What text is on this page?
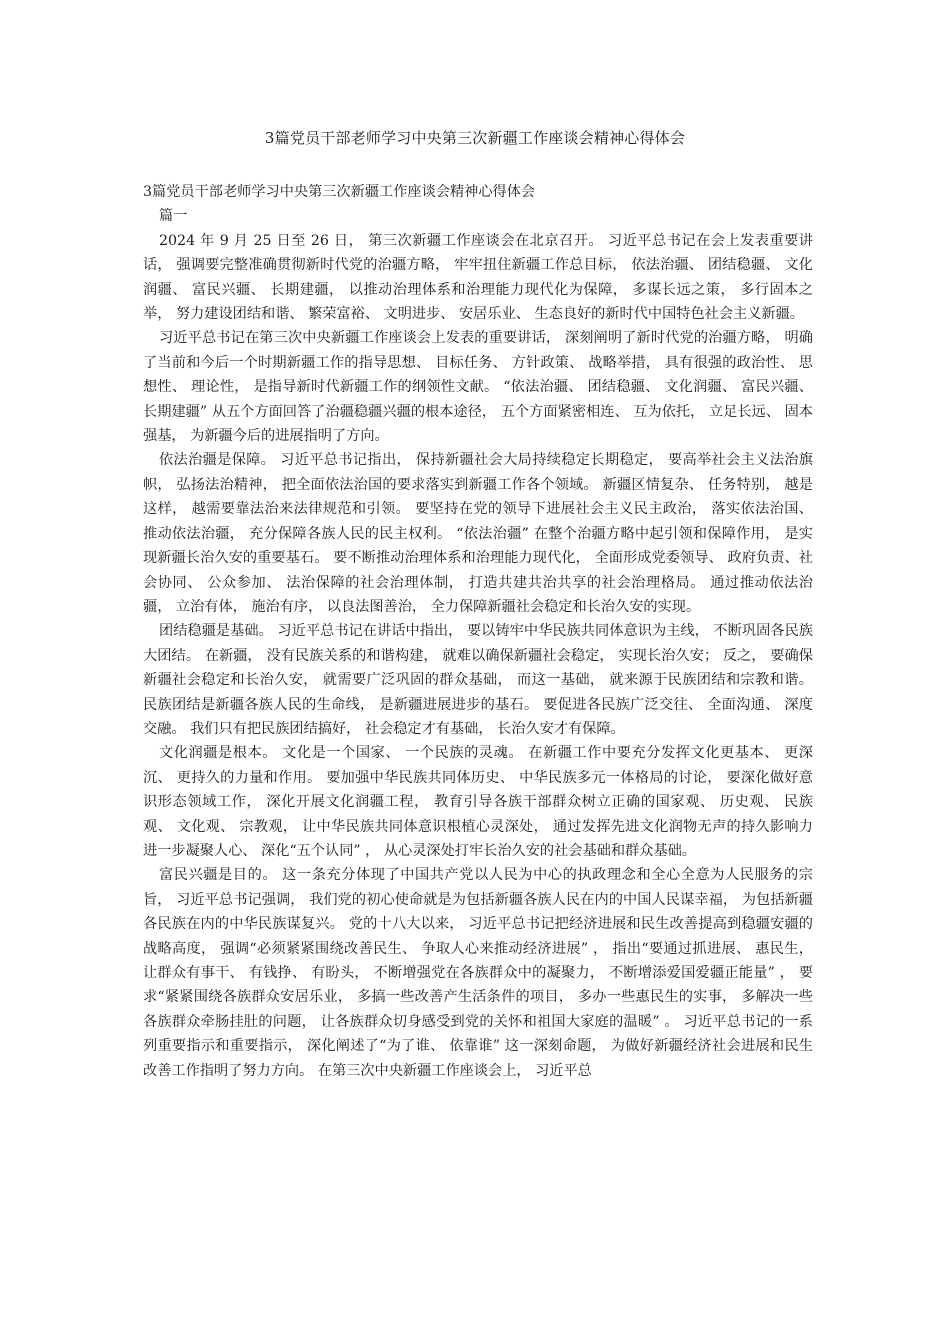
3篇党员干部老师学习中央第三次新疆工作座谈会精神心得体会

3篇党员干部老师学习中央第三次新疆工作座谈会精神心得体会

篇一

2024 年 9 月 25 日至 26 日， 第三次新疆工作座谈会在北京召开。 习近平总书记在会上发表重要讲话， 强调要完整准确贯彻新时代党的治疆方略， 牢牢扭住新疆工作总目标， 依法治疆、 团结稳疆、 文化润疆、 富民兴疆、 长期建疆， 以推动治理体系和治理能力现代化为保障， 多谋长远之策， 多行固本之举， 努力建设团结和谐、 繁荣富裕、 文明进步、 安居乐业、 生态良好的新时代中国特色社会主义新疆。

习近平总书记在第三次中央新疆工作座谈会上发表的重要讲话， 深刻阐明了新时代党的治疆方略， 明确了当前和今后一个时期新疆工作的指导思想、 目标任务、 方针政策、 战略举措， 具有很强的政治性、 思想性、 理论性， 是指导新时代新疆工作的纲领性文献。 “依法治疆、 团结稳疆、 文化润疆、 富民兴疆、 长期建疆” 从五个方面回答了治疆稳疆兴疆的根本途径， 五个方面紧密相连、 互为依托， 立足长远、 固本强基， 为新疆今后的进展指明了方向。

依法治疆是保障。 习近平总书记指出， 保持新疆社会大局持续稳定长期稳定， 要高举社会主义法治旗帜， 弘扬法治精神， 把全面依法治国的要求落实到新疆工作各个领域。 新疆区情复杂、 任务特别， 越是这样， 越需要靠法治来法律规范和引领。 要坚持在党的领导下进展社会主义民主政治， 落实依法治国、 推动依法治疆， 充分保障各族人民的民主权利。 “依法治疆” 在整个治疆方略中起引领和保障作用， 是实现新疆长治久安的重要基石。 要不断推动治理体系和治理能力现代化， 全面形成党委领导、 政府负责、社会协同、 公众参加、 法治保障的社会治理体制， 打造共建共治共享的社会治理格局。 通过推动依法治疆， 立治有体， 施治有序， 以良法图善治， 全力保障新疆社会稳定和长治久安的实现。

团结稳疆是基础。 习近平总书记在讲话中指出， 要以铸牢中华民族共同体意识为主线， 不断巩固各民族大团结。 在新疆， 没有民族关系的和谐构建， 就难以确保新疆社会稳定， 实现长治久安； 反之， 要确保新疆社会稳定和长治久安， 就需要广泛巩固的群众基础， 而这一基础， 就来源于民族团结和宗教和谐。 民族团结是新疆各族人民的生命线， 是新疆进展进步的基石。 要促进各民族广泛交往、 全面沟通、 深度交融。 我们只有把民族团结搞好， 社会稳定才有基础， 长治久安才有保障。

文化润疆是根本。 文化是一个国家、 一个民族的灵魂。 在新疆工作中要充分发挥文化更基本、 更深沉、 更持久的力量和作用。 要加强中华民族共同体历史、 中华民族多元一体格局的讨论， 要深化做好意识形态领域工作， 深化开展文化润疆工程， 教育引导各族干部群众树立正确的国家观、 历史观、 民族观、 文化观、 宗教观， 让中华民族共同体意识根植心灵深处， 通过发挥先进文化润物无声的持久影响力进一步凝聚人心、 深化“五个认同” ， 从心灵深处打牢长治久安的社会基础和群众基础。

富民兴疆是目的。 这一条充分体现了中国共产党以人民为中心的执政理念和全心全意为人民服务的宗旨， 习近平总书记强调， 我们党的初心使命就是为包括新疆各族人民在内的中国人民谋幸福， 为包括新疆各民族在内的中华民族谋复兴。 党的十八大以来， 习近平总书记把经济进展和民生改善提高到稳疆安疆的战略高度， 强调“必须紧紧围绕改善民生、 争取人心来推动经济进展” ， 指出“要通过抓进展、 惠民生， 让群众有事干、 有钱挣、 有盼头， 不断增强党在各族群众中的凝聚力， 不断增添爱国爱疆正能量” ， 要求“紧紧围绕各族群众安居乐业， 多搞一些改善产生活条件的项目， 多办一些惠民生的实事， 多解决一些各族群众牵肠挂肚的问题， 让各族群众切身感受到党的关怀和祖国大家庭的温暖” 。 习近平总书记的一系列重要指示和重要指示， 深化阐述了“为了谁、 依靠谁” 这一深刻命题， 为做好新疆经济社会进展和民生改善工作指明了努力方向。 在第三次中央新疆工作座谈会上， 习近平总
